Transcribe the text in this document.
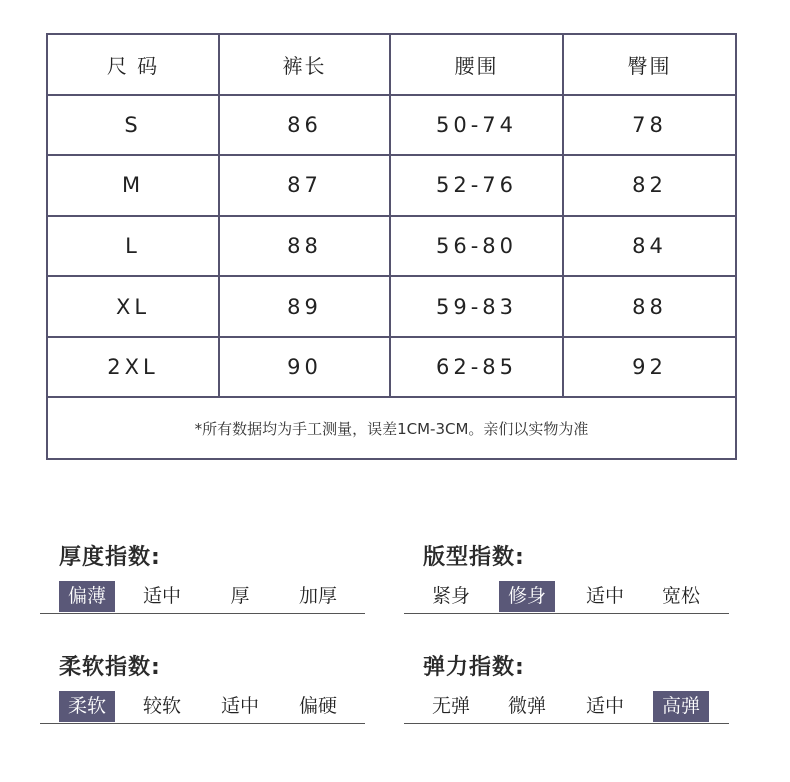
尺 码	裤长	腰围	臀围
S	86	50-74	78
M	87	52-76	82
L	88	56-80	84
XL	89	59-83	88
2XL	90	62-85	92
*所有数据均为手工测量，误差1CM-3CM。亲们以实物为准			
厚度指数:
偏薄	适中	厚	加厚
版型指数:
紧身	修身	适中	宽松
柔软指数:
柔软	较软	适中	偏硬
弹力指数:
无弹	微弹	适中	高弹
